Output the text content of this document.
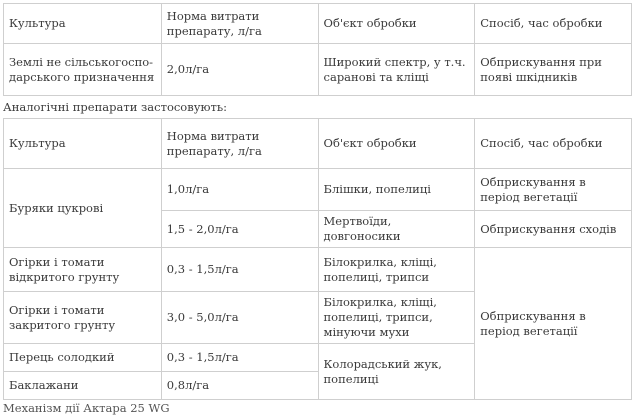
Культура	Норма витрати препарату, л/га	Об'єкт обробки	Спосіб, час обробки
Землі не сільськогоспо-дарського призначення	2,0л/га	Широкий спектр, у т.ч. саранові та кліщі	Обприскування при появі шкідників
Аналогічні препарати застосовують:
Культура	Норма витрати препарату, л/га	Об'єкт обробки	Спосіб, час обробки
Буряки цукрові	1,0л/га	Блішки, попелиці	Обприскування в період вегетації
	1,5 - 2,0л/га	Мертвоїди, довгоносики	Обприскування сходів
Огірки і томати відкритого грунту	0,3 - 1,5л/га	Білокрилка, кліщі, попелиці, трипси	Обприскування в період вегетації
Огірки і томати закритого грунту	3,0 - 5,0л/га	Білокрилка, кліщі, попелиці, трипси, мінуючи мухи	
Перець солодкий	0,3 - 1,5л/га	Колорадський жук, попелиці	
Баклажани	0,8л/га		
Механізм дії Актара 25 WG
